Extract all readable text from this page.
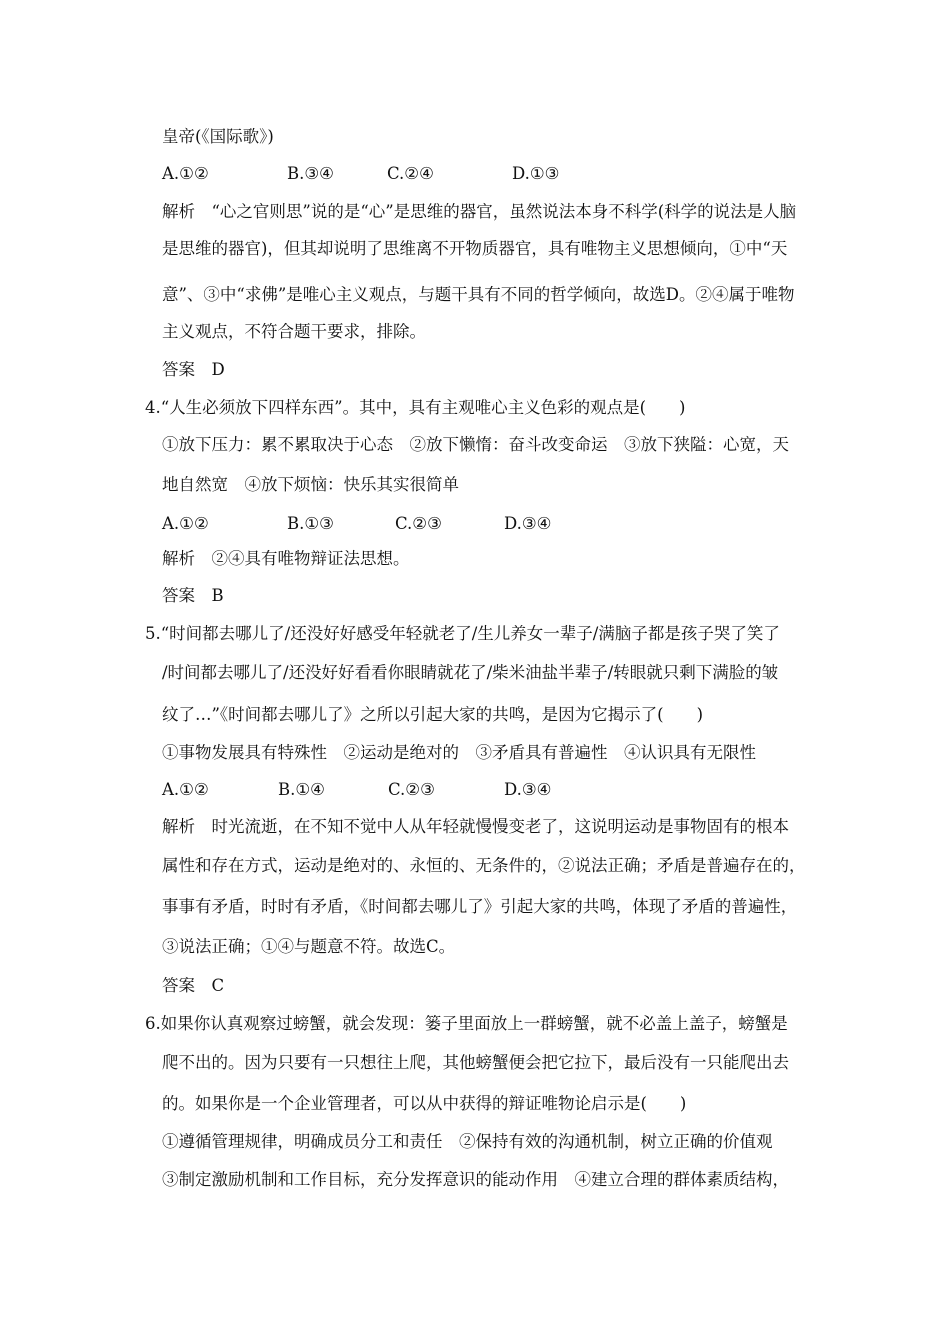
皇帝(《国际歌》)
A.①②	B.③④	C.②④	D.①③
解析　“心之官则思”说的是“心”是思维的器官，虽然说法本身不科学(科学的说法是人脑
是思维的器官)，但其却说明了思维离不开物质器官，具有唯物主义思想倾向，①中“天
意”、③中“求佛”是唯心主义观点，与题干具有不同的哲学倾向，故选D。②④属于唯物
主义观点，不符合题干要求，排除。
答案　D
4.“人生必须放下四样东西”。其中，具有主观唯心主义色彩的观点是(　　)
①放下压力：累不累取决于心态　②放下懒惰：奋斗改变命运　③放下狭隘：心宽，天
地自然宽　④放下烦恼：快乐其实很简单
A.①②	B.①③	C.②③	D.③④
解析　②④具有唯物辩证法思想。
答案　B
5.“时间都去哪儿了/还没好好感受年轻就老了/生儿养女一辈子/满脑子都是孩子哭了笑了
/时间都去哪儿了/还没好好看看你眼睛就花了/柴米油盐半辈子/转眼就只剩下满脸的皱
纹了…”《时间都去哪儿了》之所以引起大家的共鸣，是因为它揭示了(　　)
①事物发展具有特殊性　②运动是绝对的　③矛盾具有普遍性　④认识具有无限性
A.①②	B.①④	C.②③	D.③④
解析　时光流逝，在不知不觉中人从年轻就慢慢变老了，这说明运动是事物固有的根本
属性和存在方式，运动是绝对的、永恒的、无条件的，②说法正确；矛盾是普遍存在的，
事事有矛盾，时时有矛盾，《时间都去哪儿了》引起大家的共鸣，体现了矛盾的普遍性，
③说法正确；①④与题意不符。故选C。
答案　C
6.如果你认真观察过螃蟹，就会发现：篓子里面放上一群螃蟹，就不必盖上盖子，螃蟹是
爬不出的。因为只要有一只想往上爬，其他螃蟹便会把它拉下，最后没有一只能爬出去
的。如果你是一个企业管理者，可以从中获得的辩证唯物论启示是(　　)
①遵循管理规律，明确成员分工和责任　②保持有效的沟通机制，树立正确的价值观
③制定激励机制和工作目标，充分发挥意识的能动作用　④建立合理的群体素质结构，
